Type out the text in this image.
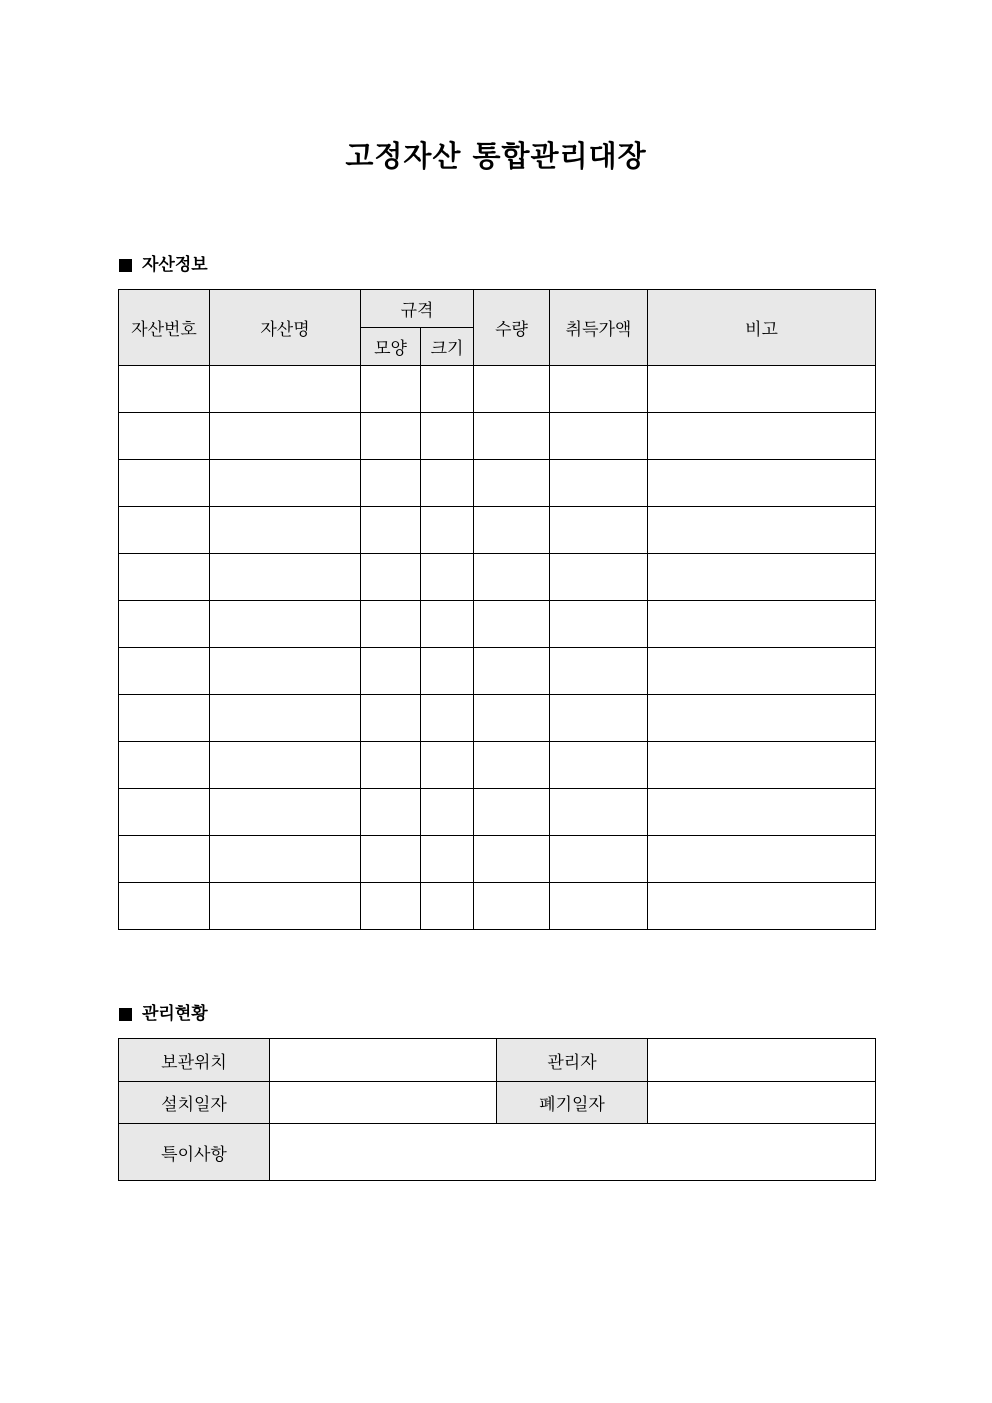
고정자산 통합관리대장
자산정보
자산번호	자산명	규격		수량	취득가액	비고
		모양	크기			

관리현황
보관위치		관리자	
설치일자		폐기일자	
특이사항			
